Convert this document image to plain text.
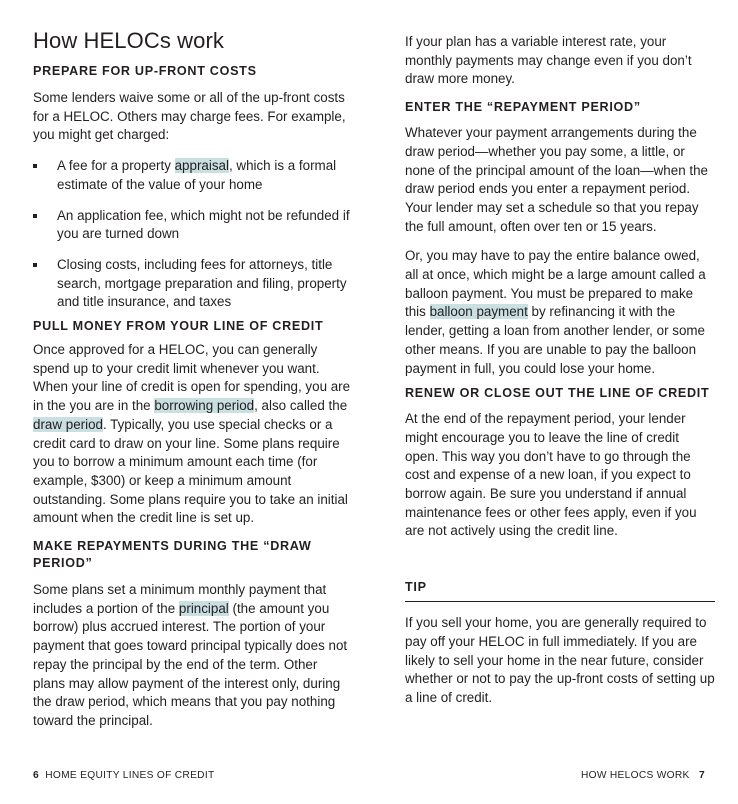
How HELOCs work
PREPARE FOR UP-FRONT COSTS

Some lenders waive some or all of the up-front costs for a HELOC. Others may charge fees. For example, you might get charged:

A fee for a property appraisal, which is a formal estimate of the value of your home
An application fee, which might not be refunded if you are turned down
Closing costs, including fees for attorneys, title search, mortgage preparation and filing, property and title insurance, and taxes
PULL MONEY FROM YOUR LINE OF CREDIT

Once approved for a HELOC, you can generally spend up to your credit limit whenever you want. When your line of credit is open for spending, you are in the you are in the borrowing period, also called the draw period. Typically, you use special checks or a credit card to draw on your line. Some plans require you to borrow a minimum amount each time (for example, $300) or keep a minimum amount outstanding. Some plans require you to take an initial amount when the credit line is set up.

MAKE REPAYMENTS DURING THE “DRAW PERIOD”

Some plans set a minimum monthly payment that includes a portion of the principal (the amount you borrow) plus accrued interest. The portion of your payment that goes toward principal typically does not repay the principal by the end of the term. Other plans may allow payment of the interest only, during the draw period, which means that you pay nothing toward the principal.

If your plan has a variable interest rate, your monthly payments may change even if you don’t draw more money.

ENTER THE “REPAYMENT PERIOD”

Whatever your payment arrangements during the draw period—whether you pay some, a little, or none of the principal amount of the loan—when the draw period ends you enter a repayment period. Your lender may set a schedule so that you repay the full amount, often over ten or 15 years.

Or, you may have to pay the entire balance owed, all at once, which might be a large amount called a balloon payment. You must be prepared to make this balloon payment by refinancing it with the lender, getting a loan from another lender, or some other means. If you are unable to pay the balloon payment in full, you could lose your home.

RENEW OR CLOSE OUT THE LINE OF CREDIT

At the end of the repayment period, your lender might encourage you to leave the line of credit open. This way you don’t have to go through the cost and expense of a new loan, if you expect to borrow again. Be sure you understand if annual maintenance fees or other fees apply, even if you are not actively using the credit line.

TIP

If you sell your home, you are generally required to pay off your HELOC in full immediately. If you are likely to sell your home in the near future, consider whether or not to pay the up-front costs of setting up a line of credit.

6 HOME EQUITY LINES OF CREDIT	HOW HELOCS WORK 7
